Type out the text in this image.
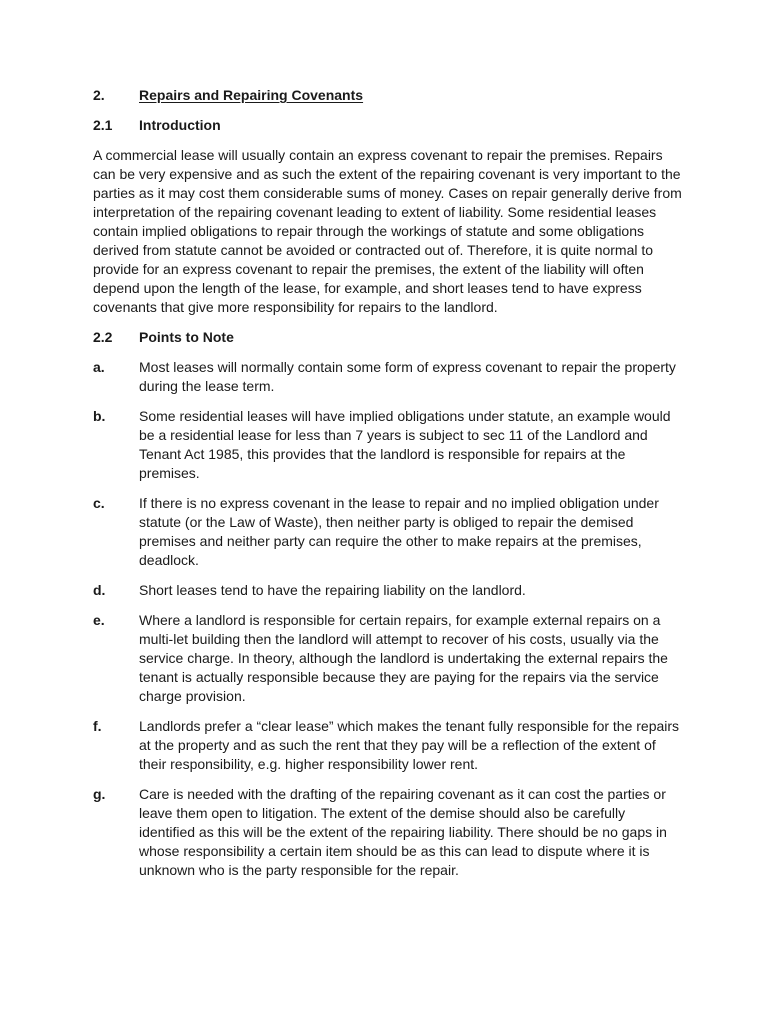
2.	Repairs and Repairing Covenants
2.1	Introduction

A commercial lease will usually contain an express covenant to repair the premises. Repairs can be very expensive and as such the extent of the repairing covenant is very important to the parties as it may cost them considerable sums of money. Cases on repair generally derive from interpretation of the repairing covenant leading to extent of liability. Some residential leases contain implied obligations to repair through the workings of statute and some obligations derived from statute cannot be avoided or contracted out of. Therefore, it is quite normal to provide for an express covenant to repair the premises, the extent of the liability will often depend upon the length of the lease, for example, and short leases tend to have express covenants that give more responsibility for repairs to the landlord.

2.2	Points to Note
a.	Most leases will normally contain some form of express covenant to repair the property during the lease term.
b.	Some residential leases will have implied obligations under statute, an example would be a residential lease for less than 7 years is subject to sec 11 of the Landlord and Tenant Act 1985, this provides that the landlord is responsible for repairs at the premises.
c.	If there is no express covenant in the lease to repair and no implied obligation under statute (or the Law of Waste), then neither party is obliged to repair the demised premises and neither party can require the other to make repairs at the premises, deadlock.
d.	Short leases tend to have the repairing liability on the landlord.
e.	Where a landlord is responsible for certain repairs, for example external repairs on a multi-let building then the landlord will attempt to recover of his costs, usually via the service charge. In theory, although the landlord is undertaking the external repairs the tenant is actually responsible because they are paying for the repairs via the service charge provision.
f.	Landlords prefer a “clear lease” which makes the tenant fully responsible for the repairs at the property and as such the rent that they pay will be a reflection of the extent of their responsibility, e.g. higher responsibility lower rent.
g.	Care is needed with the drafting of the repairing covenant as it can cost the parties or leave them open to litigation. The extent of the demise should also be carefully identified as this will be the extent of the repairing liability. There should be no gaps in whose responsibility a certain item should be as this can lead to dispute where it is unknown who is the party responsible for the repair.
